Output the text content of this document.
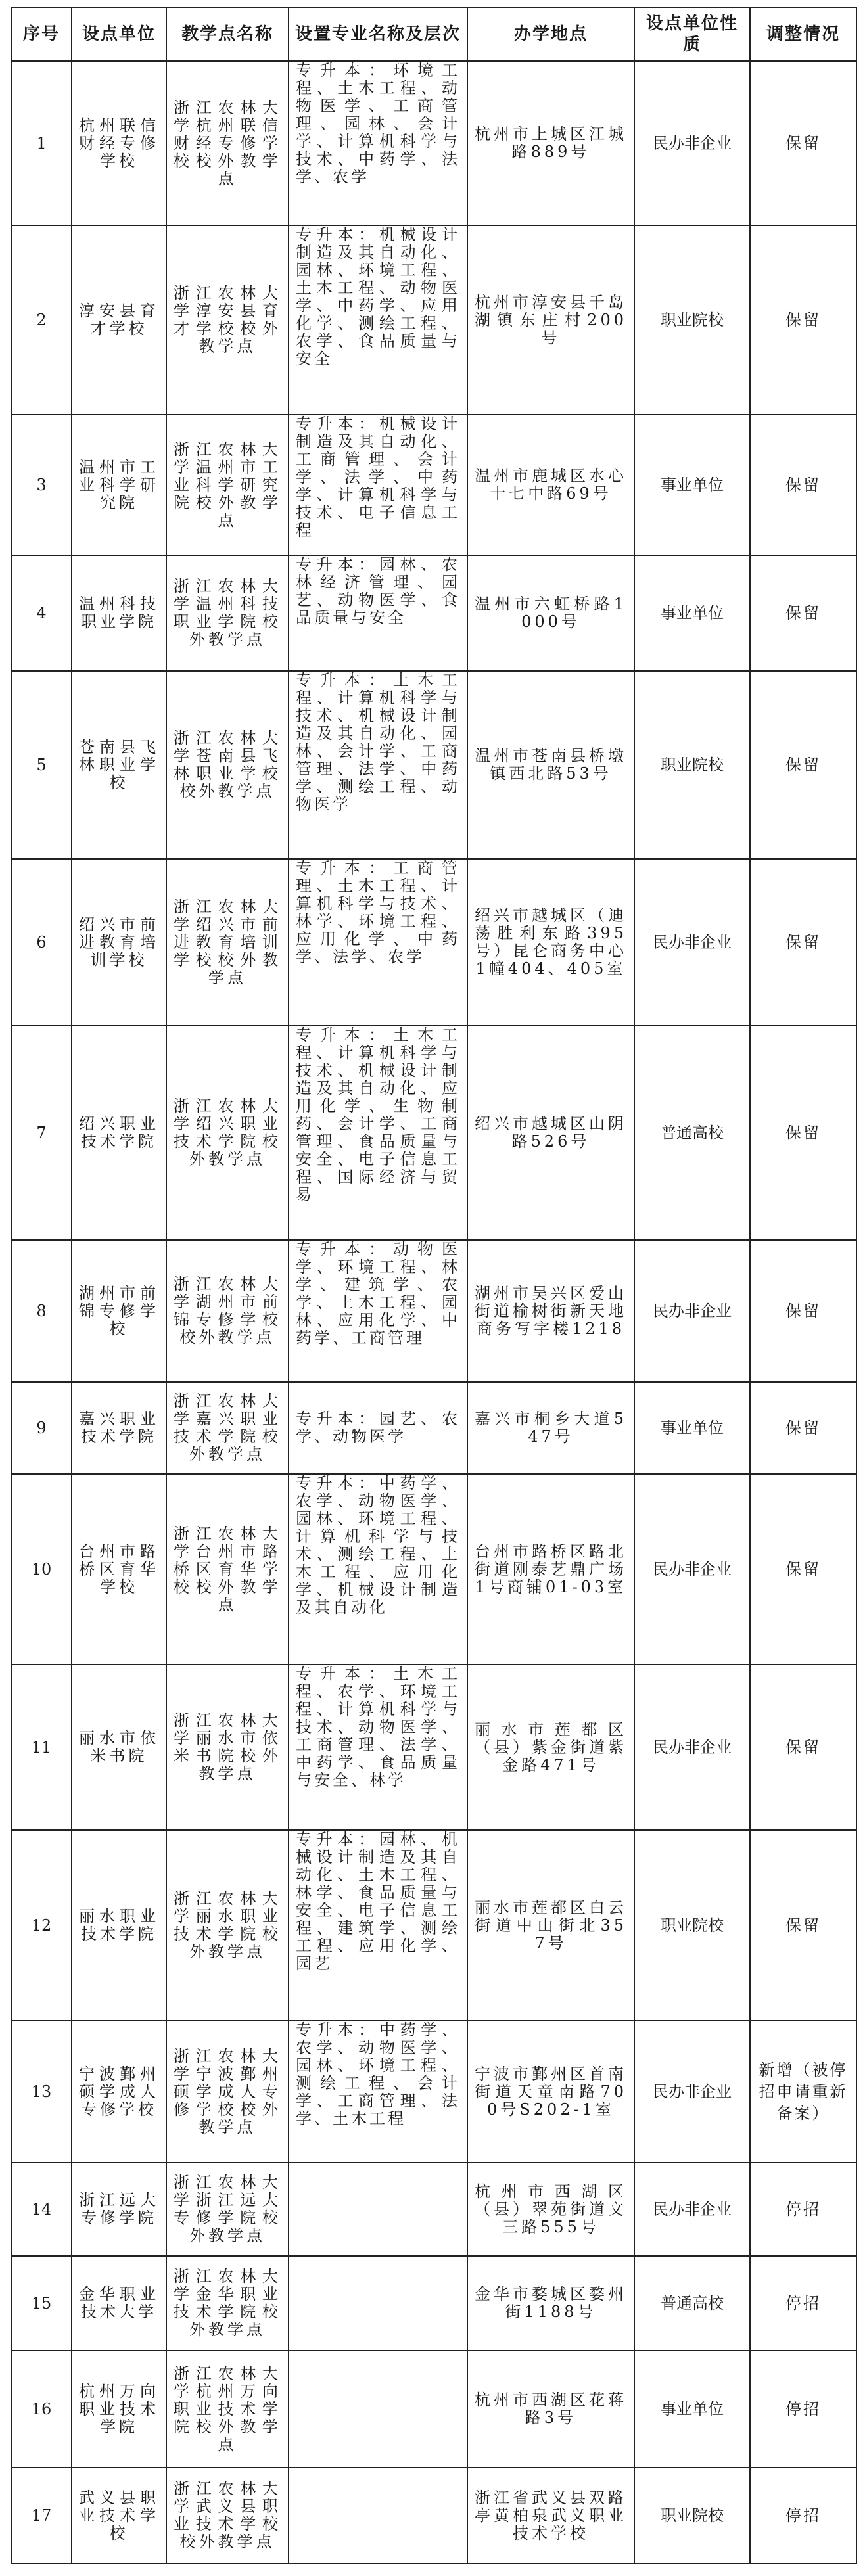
序号	设点单位	教学点名称	设置专业名称及层次	办学地点	设点单位性质	调整情况
1	杭州联信财经专修学校	浙江农林大学杭州联信财经专修学校校外教学点	专升本：环境工程、土木工程、动物医学、工商管理、园林、会计学、计算机科学与技术、中药学、法学、农学	杭州市上城区江城路889号	民办非企业	保留
2	淳安县育才学校	浙江农林大学淳安县育才学校校外教学点	专升本：机械设计制造及其自动化、园林、环境工程、土木工程、动物医学、中药学、应用化学、测绘工程、农学、食品质量与安全	杭州市淳安县千岛湖镇东庄村200号	职业院校	保留
3	温州市工业科学研究院	浙江农林大学温州市工业科学研究院校外教学点	专升本：机械设计制造及其自动化、工商管理、会计学、法学、中药学、计算机科学与技术、电子信息工程	温州市鹿城区水心十七中路69号	事业单位	保留
4	温州科技职业学院	浙江农林大学温州科技职业学院校外教学点	专升本：园林、农林经济管理、园艺、动物医学、食品质量与安全	温州市六虹桥路1000号	事业单位	保留
5	苍南县飞林职业学校	浙江农林大学苍南县飞林职业学校校外教学点	专升本：土木工程、计算机科学与技术、机械设计制造及其自动化、园林、会计学、工商管理、法学、中药学、测绘工程、动物医学	温州市苍南县桥墩镇西北路53号	职业院校	保留
6	绍兴市前进教育培训学校	浙江农林大学绍兴市前进教育培训学校校外教学点	专升本：工商管理、土木工程、计算机科学与技术、林学、环境工程、应用化学、中药学、法学、农学	绍兴市越城区（迪荡胜利东路395号）昆仑商务中心1幢404、405室	民办非企业	保留
7	绍兴职业技术学院	浙江农林大学绍兴职业技术学院校外教学点	专升本：土木工程、计算机科学与技术、机械设计制造及其自动化、应用化学、生物制药、会计学、工商管理、食品质量与安全、电子信息工程、国际经济与贸易	绍兴市越城区山阴路526号	普通高校	保留
8	湖州市前锦专修学校	浙江农林大学湖州市前锦专修学校校外教学点	专升本：动物医学、环境工程、林学、建筑学、农学、土木工程、园林、应用化学、中药学、工商管理	湖州市吴兴区爱山街道榆树街新天地商务写字楼1218	民办非企业	保留
9	嘉兴职业技术学院	浙江农林大学嘉兴职业技术学院校外教学点	专升本：园艺、农学、动物医学	嘉兴市桐乡大道547号	事业单位	保留
10	台州市路桥区育华学校	浙江农林大学台州市路桥区育华学校校外教学点	专升本：中药学、农学、动物医学、园林、环境工程、计算机科学与技术、测绘工程、土木工程、应用化学、机械设计制造及其自动化	台州市路桥区路北街道刚泰艺鼎广场1号商铺01-03室	民办非企业	保留
11	丽水市依米书院	浙江农林大学丽水市依米书院校外教学点	专升本：土木工程、农学、环境工程、计算机科学与技术、动物医学、工商管理、法学、中药学、食品质量与安全、林学	丽水市莲都区（县）紫金街道紫金路471号	民办非企业	保留
12	丽水职业技术学院	浙江农林大学丽水职业技术学院校外教学点	专升本：园林、机械设计制造及其自动化、土木工程、林学、食品质量与安全、电子信息工程、建筑学、测绘工程、应用化学、园艺	丽水市莲都区白云街道中山街北357号	职业院校	保留
13	宁波鄞州硕学成人专修学校	浙江农林大学宁波鄞州硕学成人专修学校校外教学点	专升本：中药学、农学、动物医学、园林、环境工程、测绘工程、会计学、工商管理、法学、土木工程	宁波市鄞州区首南街道天童南路700号S202-1室	民办非企业	新增（被停招申请重新备案）
14	浙江远大专修学院	浙江农林大学浙江远大专修学院校外教学点		杭州市西湖区（县）翠苑街道文三路555号	民办非企业	停招
15	金华职业技术大学	浙江农林大学金华职业技术学院校外教学点		金华市婺城区婺州街1188号	普通高校	停招
16	杭州万向职业技术学院	浙江农林大学杭州万向职业技术学院校外教学点		杭州市西湖区花蒋路3号	事业单位	停招
17	武义县职业技术学校	浙江农林大学武义县职业技术学校校外教学点		浙江省武义县双路亭黄柏泉武义职业技术学校	职业院校	停招
